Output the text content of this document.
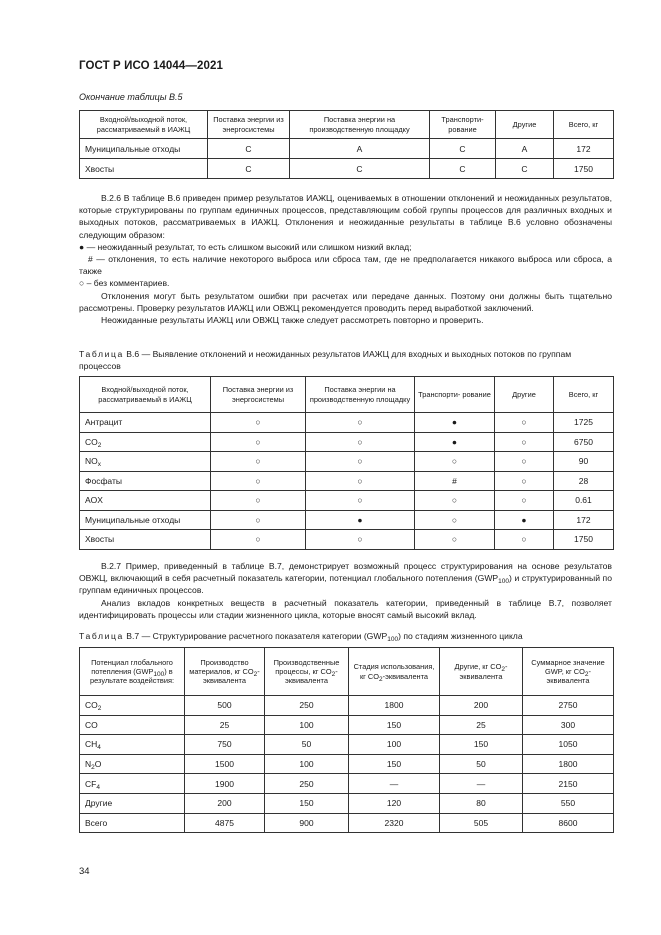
ГОСТ Р ИСО 14044—2021
Окончание таблицы В.5
Входной/выходной поток, рассматриваемый в ИАЖЦ	Поставка энергии из энергосистемы	Поставка энергии на производственную площадку	Транспорти- рование	Другие	Всего, кг
Муниципальные отходы	С	А	С	А	172
Хвосты	С	С	С	С	1750

В.2.6 В таблице В.6 приведен пример результатов ИАЖЦ, оцениваемых в отношении отклонений и неожиданных результатов, которые структурированы по группам единичных процессов, представляющим собой группы процессов для различных входных и выходных потоков, рассматриваемых в ИАЖЦ. Отклонения и неожиданные результаты в таблице В.6 условно обозначены следующим образом:

● — неожиданный результат, то есть слишком высокий или слишком низкий вклад;

# — отклонения, то есть наличие некоторого выброса или сброса там, где не предполагается никакого выброса или сброса, а также

○ – без комментариев.

Отклонения могут быть результатом ошибки при расчетах или передаче данных. Поэтому они должны быть тщательно рассмотрены. Проверку результатов ИАЖЦ или ОВЖЦ рекомендуется проводить перед выработкой заключений.

Неожиданные результаты ИАЖЦ или ОВЖЦ также следует рассмотреть повторно и проверить.

Таблица В.6 — Выявление отклонений и неожиданных результатов ИАЖЦ для входных и выходных потоков по группам процессов
Входной/выходной поток, рассматриваемый в ИАЖЦ	Поставка энергии из энергосистемы	Поставка энергии на производственную площадку	Транспорти- рование	Другие	Всего, кг
Антрацит	○	○	●	○	1725
$CO_2$	○	○	●	○	6750
$NO_x$	○	○	○	○	90
Фосфаты	○	○	#	○	28
AOX	○	○	○	○	0.61
Муниципальные отходы	○	●	○	●	172
Хвосты	○	○	○	○	1750

В.2.7 Пример, приведенный в таблице В.7, демонстрирует возможный процесс структурирования на основе результатов ОВЖЦ, включающий в себя расчетный показатель категории, потенциал глобального потепления $(GWP_{100})$ и структурированный по группам единичных процессов.

Анализ вкладов конкретных веществ в расчетный показатель категории, приведенный в таблице В.7, позволяет идентифицировать процессы или стадии жизненного цикла, которые вносят самый высокий вклад.

Таблица В.7 — Структурирование расчетного показателя категории $(GWP_{100})$ по стадиям жизненного цикла
Потенциал глобального потепления $(GWP_{100})$ в результате воздействия:	Производство материалов, кг $CO_2$-эквивалента	Производственные процессы, кг $CO_2$-эквивалента	Стадия использования, кг $CO_2$-эквивалента	Другие, кг $CO_2$-эквивалента	Суммарное значение GWP, кг $CO_2$-эквивалента
$CO_2$	500	250	1800	200	2750
CO	25	100	150	25	300
$CH_4$	750	50	100	150	1050
$N_2O$	1500	100	150	50	1800
$CF_4$	1900	250	—	—	2150
Другие	200	150	120	80	550
Всего	4875	900	2320	505	8600
34
